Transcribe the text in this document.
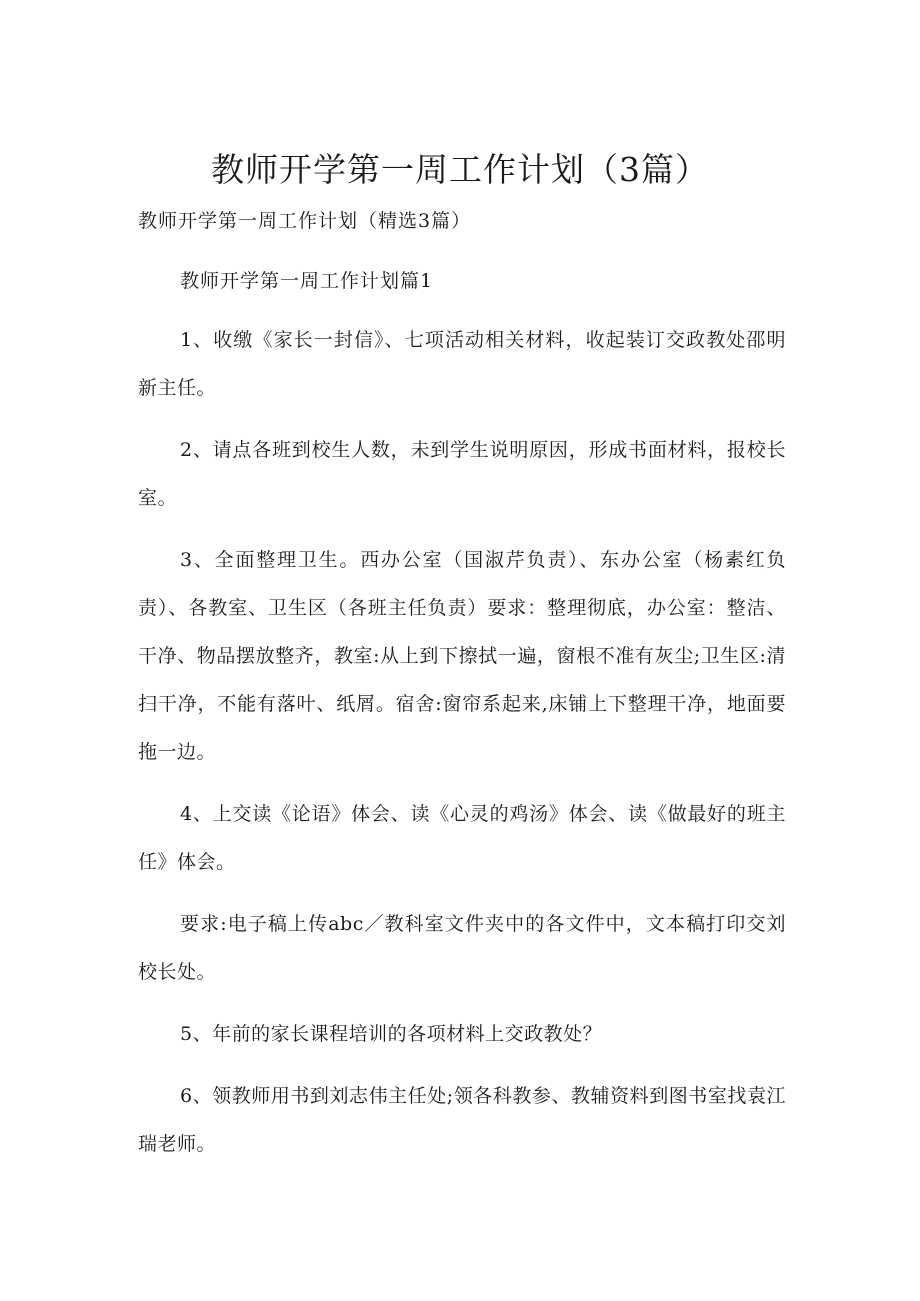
教师开学第一周工作计划（3篇）

教师开学第一周工作计划（精选3篇）

教师开学第一周工作计划篇1

1、收缴《家长一封信》、七项活动相关材料，收起装订交政教处邵明新主任。

2、请点各班到校生人数，未到学生说明原因，形成书面材料，报校长室。

3、全面整理卫生。西办公室（国淑芹负责）、东办公室（杨素红负责）、各教室、卫生区（各班主任负责）要求：整理彻底，办公室：整洁、干净、物品摆放整齐，教室:从上到下擦拭一遍，窗根不准有灰尘;卫生区:清扫干净，不能有落叶、纸屑。宿舍:窗帘系起来,床铺上下整理干净，地面要拖一边。

4、上交读《论语》体会、读《心灵的鸡汤》体会、读《做最好的班主任》体会。

要求:电子稿上传abc／教科室文件夹中的各文件中，文本稿打印交刘校长处。

5、年前的家长课程培训的各项材料上交政教处？

6、领教师用书到刘志伟主任处;领各科教参、教辅资料到图书室找袁江瑞老师。
